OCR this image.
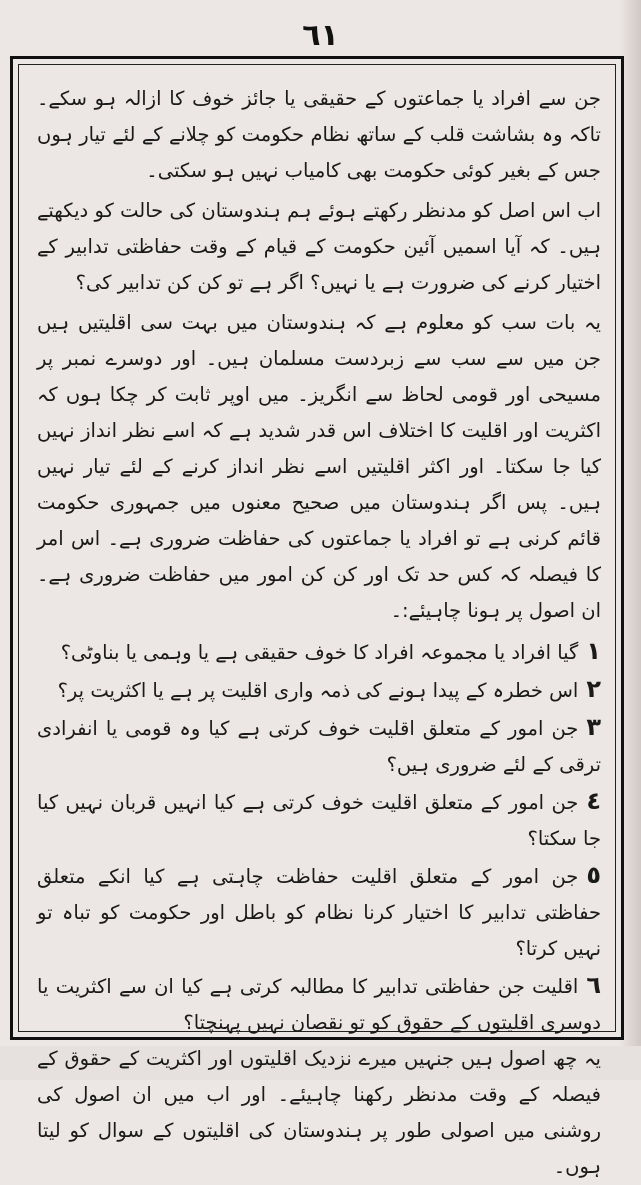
٦١

جن سے افراد یا جماعتوں کے حقیقی یا جائز خوف کا ازالہ ہو سکے۔ تاکہ وہ بشاشت قلب کے ساتھ نظام حکومت کو چلانے کے لئے تیار ہوں جس کے بغیر کوئی حکومت بھی کامیاب نہیں ہو سکتی۔

اب اس اصل کو مدنظر رکھتے ہوئے ہم ہندوستان کی حالت کو دیکھتے ہیں۔ کہ آیا اسمیں آئین حکومت کے قیام کے وقت حفاظتی تدابیر کے اختیار کرنے کی ضرورت ہے یا نہیں؟ اگر ہے تو کن کن تدابیر کی؟

یہ بات سب کو معلوم ہے کہ ہندوستان میں بہت سی اقلیتیں ہیں جن میں سے سب سے زبردست مسلمان ہیں۔ اور دوسرے نمبر پر مسیحی اور قومی لحاظ سے انگریز۔ میں اوپر ثابت کر چکا ہوں کہ اکثریت اور اقلیت کا اختلاف اس قدر شدید ہے کہ اسے نظر انداز نہیں کیا جا سکتا۔ اور اکثر اقلیتیں اسے نظر انداز کرنے کے لئے تیار نہیں ہیں۔ پس اگر ہندوستان میں صحیح معنوں میں جمہوری حکومت قائم کرنی ہے تو افراد یا جماعتوں کی حفاظت ضروری ہے۔ اس امر کا فیصلہ کہ کس حد تک اور کن کن امور میں حفاظت ضروری ہے۔ ان اصول پر ہونا چاہیئے:۔

١گیا افراد یا مجموعہ افراد کا خوف حقیقی ہے یا وہمی یا بناوٹی؟

٢اس خطرہ کے پیدا ہونے کی ذمہ واری اقلیت پر ہے یا اکثریت پر؟

٣جن امور کے متعلق اقلیت خوف کرتی ہے کیا وہ قومی یا انفرادی ترقی کے لئے ضروری ہیں؟

٤جن امور کے متعلق اقلیت خوف کرتی ہے کیا انہیں قربان نہیں کیا جا سکتا؟

٥جن امور کے متعلق اقلیت حفاظت چاہتی ہے کیا انکے متعلق حفاظتی تدابیر کا اختیار کرنا نظام کو باطل اور حکومت کو تباہ تو نہیں کرتا؟

٦اقلیت جن حفاظتی تدابیر کا مطالبہ کرتی ہے کیا ان سے اکثریت یا دوسری اقلیتوں کے حقوق کو تو نقصان نہیں پہنچتا؟

یہ چھ اصول ہیں جنہیں میرے نزدیک اقلیتوں اور اکثریت کے حقوق کے فیصلہ کے وقت مدنظر رکھنا چاہیئے۔ اور اب میں ان اصول کی روشنی میں اصولی طور پر ہندوستان کی اقلیتوں کے سوال کو لیتا ہوں۔
